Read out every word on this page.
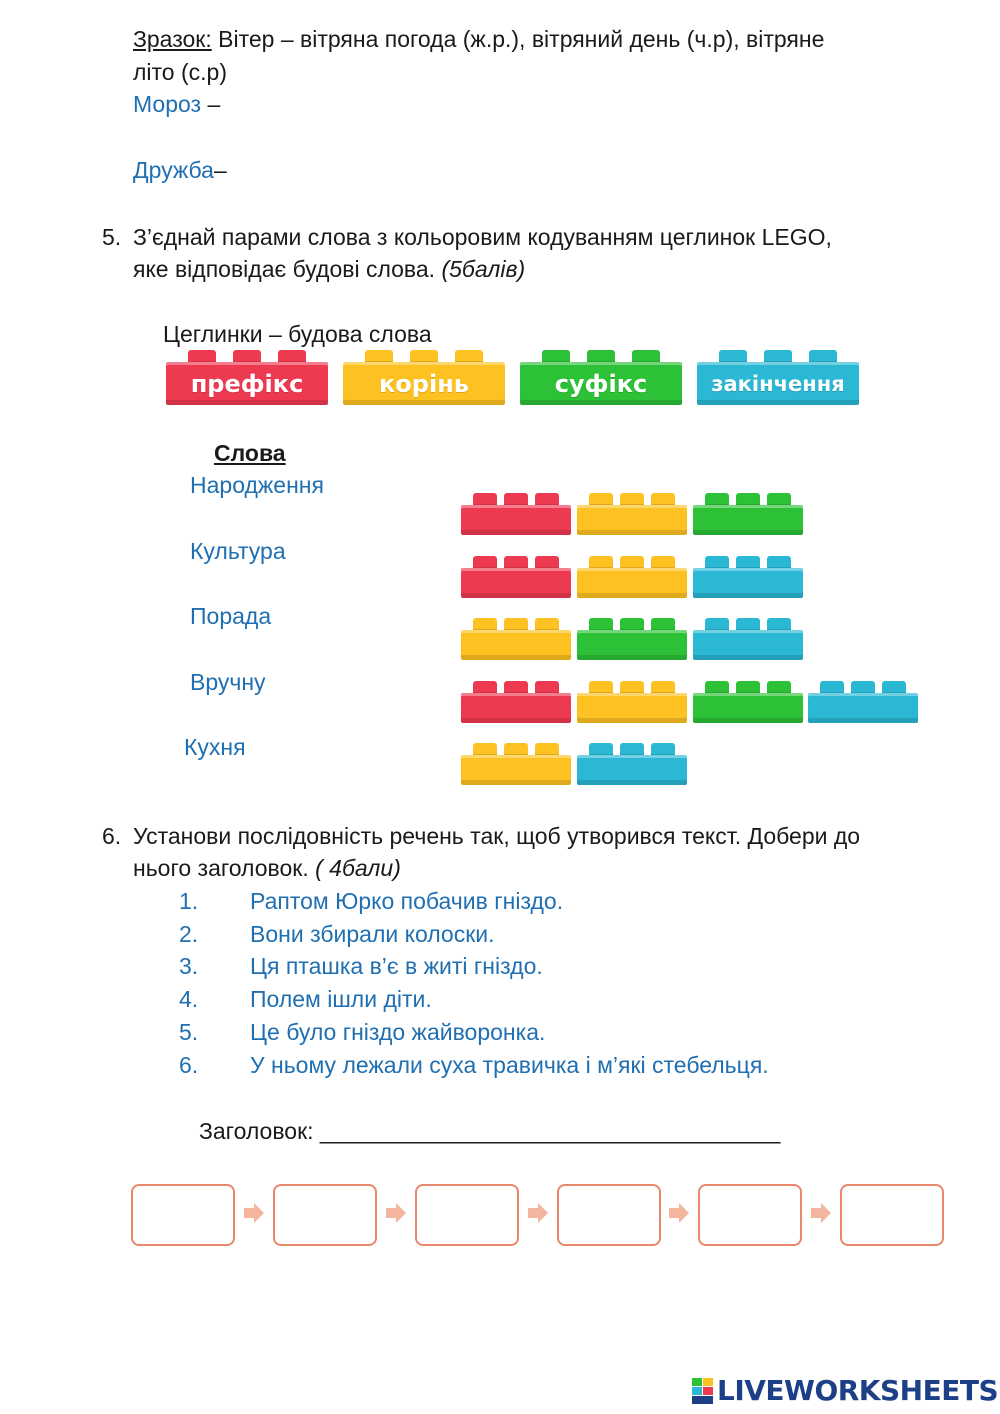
Зразок: Вітер – вітряна погода (ж.р.), вітряний день (ч.р), вітряне
літо (с.р)
Мороз –
Дружба–
5. З’єднай парами слова з кольоровим кодуванням цеглинок LEGO,
яке відповідає будові слова. (5балів)
Цеглинки – будова слова
префікс	корінь	суфікс	закінчення
Слова
Народження
Культура
Порада
Вручну
Кухня
6. Установи послідовність речень так, щоб утворився текст. Добери до
нього заголовок. ( 4бали)
1. Раптом Юрко побачив гніздо.
2. Вони збирали колоски.
3. Ця пташка в’є в житі гніздо.
4. Полем ішли діти.
5. Це було гніздо жайворонка.
6. У ньому лежали суха травичка і м’які стебельця.
Заголовок: ____________________________________
LIVEWORKSHEETS
